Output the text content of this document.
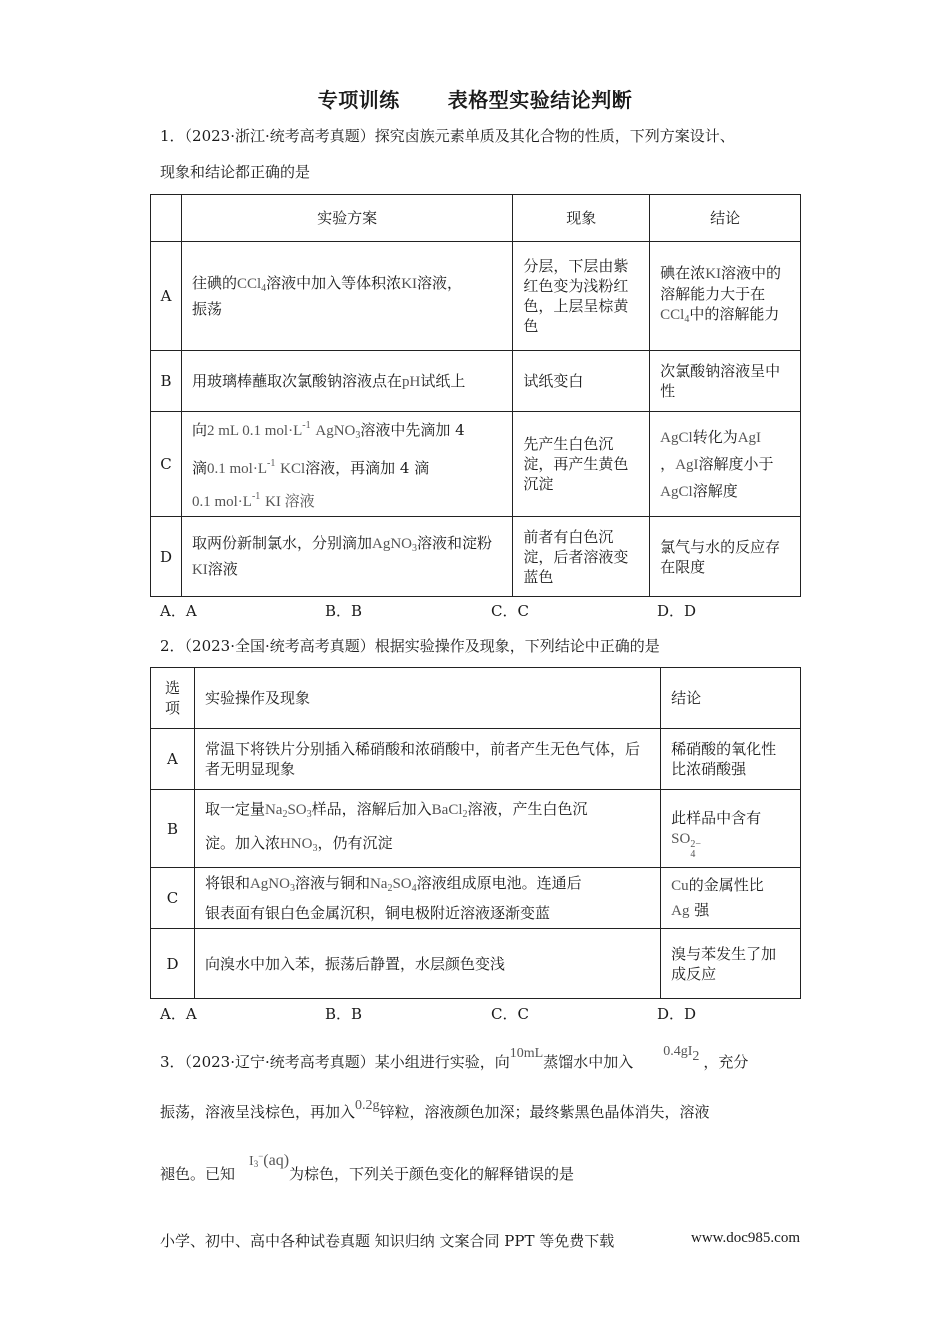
专项训练 表格型实验结论判断
1．（2023·浙江·统考高考真题）探究卤族元素单质及其化合物的性质，下列方案设计、
现象和结论都正确的是
	实验方案	现象	结论
A	往碘的CCl$_4$溶液中加入等体积浓KI溶液，
振荡	分层，下层由紫红色变为浅粉红色，上层呈棕黄色	碘在浓KI溶液中的溶解能力大于在CCl$_4$中的溶解能力
B	用玻璃棒蘸取次氯酸钠溶液点在pH试纸上	试纸变白	次氯酸钠溶液呈中性
C	向2 mL 0.1 $mol\cdot L^{-1}$ AgNO$_3$溶液中先滴加 4
滴0.1 $mol\cdot L^{-1}$ KCl溶液，再滴加 4 滴
0.1 $mol\cdot L^{-1}$ KI 溶液	先产生白色沉淀，再产生黄色沉淀	AgCl转化为AgI
，AgI溶解度小于
AgCl溶解度
D	取两份新制氯水，分别滴加AgNO$_3$溶液和淀粉KI溶液	前者有白色沉淀，后者溶液变蓝色	氯气与水的反应存在限度
A．A	B．B	C．C	D．D
2．（2023·全国·统考高考真题）根据实验操作及现象，下列结论中正确的是
选项	实验操作及现象	结论
A	常温下将铁片分别插入稀硝酸和浓硝酸中，前者产生无色气体，后者无明显现象	稀硝酸的氧化性比浓硝酸强
B	取一定量$Na_2SO_3$样品，溶解后加入BaCl$_2$溶液，产生白色沉
淀。加入浓$HNO_3$，仍有沉淀	此样品中含有
SO 2−
4

C	将银和AgNO$_3$溶液与铜和$Na_2SO_4$溶液组成原电池。连通后
银表面有银白色金属沉积，铜电极附近溶液逐渐变蓝	Cu的金属性比
Ag 强
D	向溴水中加入苯，振荡后静置，水层颜色变浅	溴与苯发生了加成反应
A．A	B．B	C．C	D．D
3．（2023·辽宁·统考高考真题）某小组进行实验，向10mL蒸馏水中加入0.4gI2 ，充分
振荡，溶液呈浅棕色，再加入0.2g锌粒，溶液颜色加深；最终紫黑色晶体消失，溶液
褪色。已知I3−(aq)为棕色，下列关于颜色变化的解释错误的是
小学、初中、高中各种试卷真题 知识归纳 文案合同 PPT 等免费下载	www.doc985.com
